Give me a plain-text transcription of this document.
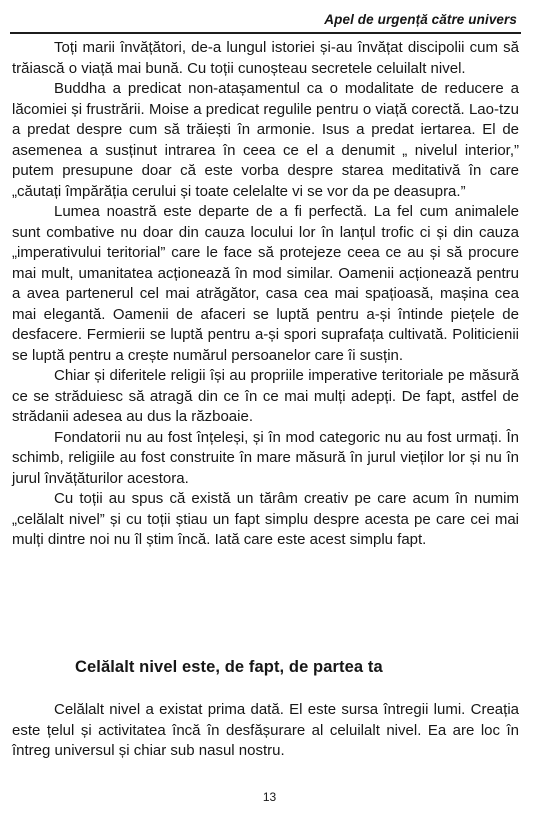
Apel de urgență către univers

Toți marii învățători, de-a lungul istoriei și-au învățat discipolii cum să trăiască o viață mai bună. Cu toții cunoșteau secretele celuilalt nivel.

Buddha a predicat non-atașamentul ca o modalitate de reducere a lăcomiei și frustrării. Moise a predicat regulile pentru o viață corectă. Lao-tzu a predat despre cum să trăiești în armonie. Isus a predat iertarea. El de asemenea a susținut intrarea în ceea ce el a denumit „ nivelul interior,” putem presupune doar că este vorba despre starea meditativă în care „căutați împărăția cerului și toate celelalte vi se vor da pe deasupra.”

Lumea noastră este departe de a fi perfectă. La fel cum animalele sunt combative nu doar din cauza locului lor în lanțul trofic ci și din cauza „imperativului teritorial” care le face să protejeze ceea ce au și să procure mai mult, umanitatea acționează în mod similar. Oamenii acționează pentru a avea partenerul cel mai atrăgător, casa cea mai spațioasă, mașina cea mai elegantă. Oamenii de afaceri se luptă pentru a-și întinde piețele de desfacere. Fermierii se luptă pentru a-și spori suprafața cultivată. Politicienii se luptă pentru a crește numărul persoanelor care îi susțin.

Chiar și diferitele religii își au propriile imperative teritoriale pe măsură ce se străduiesc să atragă din ce în ce mai mulți adepți. De fapt, astfel de strădanii adesea au dus la războaie.

Fondatorii nu au fost înțeleși, și în mod categoric nu au fost urmați. În schimb, religiile au fost construite în mare măsură în jurul vieților lor și nu în jurul învățăturilor acestora.

Cu toții au spus că există un tărâm creativ pe care acum în numim „celălalt nivel” și cu toții știau un fapt simplu despre acesta pe care cei mai mulți dintre noi nu îl știm încă. Iată care este acest simplu fapt.

Celălalt nivel este, de fapt, de partea ta

Celălalt nivel a existat prima dată. El este sursa întregii lumi. Creația este țelul și activitatea încă în desfășurare al celuilalt nivel. Ea are loc în întreg universul și chiar sub nasul nostru.

13
